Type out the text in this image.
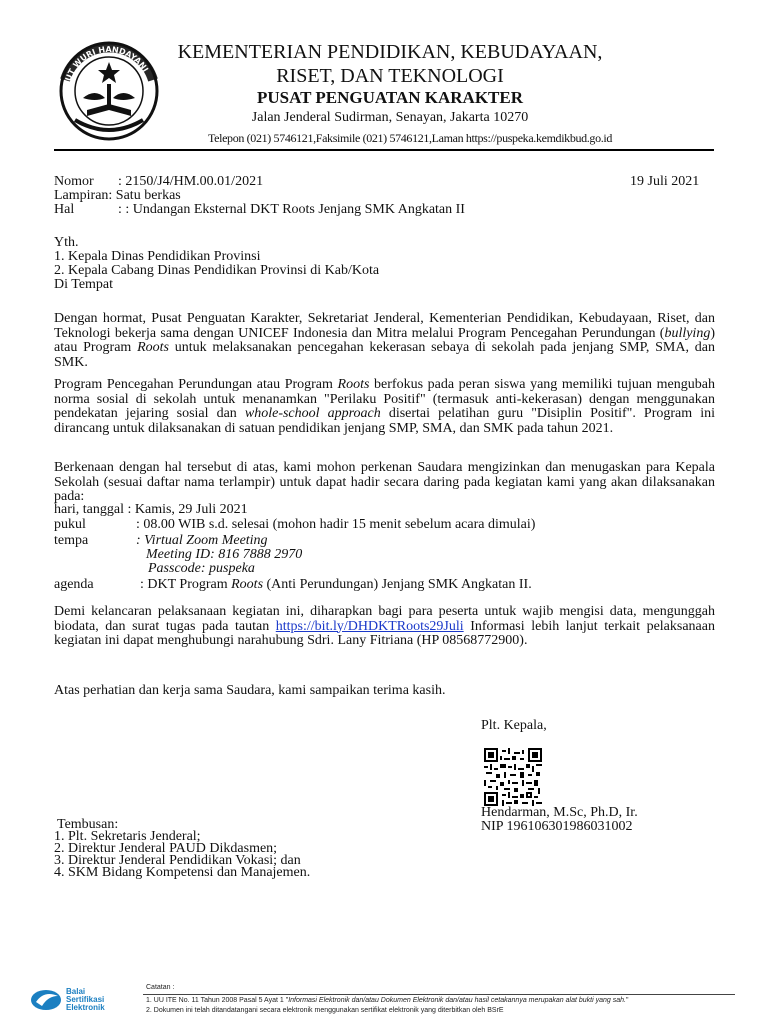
TUT WURI HANDAYANI
KEMENTERIAN PENDIDIKAN, KEBUDAYAAN,
RISET, DAN TEKNOLOGI
PUSAT PENGUATAN KARAKTER
Jalan Jenderal Sudirman, Senayan, Jakarta 10270
Telepon (021) 5746121,Faksimile (021) 5746121,Laman https://puspeka.kemdikbud.go.id
Nomor : 2150/J4/HM.00.01/2021	19 Juli 2021
Lampiran: Satu berkas
Hal	: : Undangan Eksternal DKT Roots Jenjang SMK Angkatan II
Yth.
1. Kepala Dinas Pendidikan Provinsi
2. Kepala Cabang Dinas Pendidikan Provinsi di Kab/Kota
Di Tempat
Dengan hormat, Pusat Penguatan Karakter, Sekretariat Jenderal, Kementerian Pendidikan, Kebudayaan, Riset, dan Teknologi bekerja sama dengan UNICEF Indonesia dan Mitra melalui Program Pencegahan Perundungan (bullying) atau Program Roots untuk melaksanakan pencegahan kekerasan sebaya di sekolah pada jenjang SMP, SMA, dan SMK.
Program Pencegahan Perundungan atau Program Roots berfokus pada peran siswa yang memiliki tujuan mengubah norma sosial di sekolah untuk menanamkan "Perilaku Positif" (termasuk anti-kekerasan) dengan menggunakan pendekatan jejaring sosial dan whole-school approach disertai pelatihan guru "Disiplin Positif". Program ini dirancang untuk dilaksanakan di satuan pendidikan jenjang SMP, SMA, dan SMK pada tahun 2021.
Berkenaan dengan hal tersebut di atas, kami mohon perkenan Saudara mengizinkan dan menugaskan para Kepala Sekolah (sesuai daftar nama terlampir) untuk dapat hadir secara daring pada kegiatan kami yang akan dilaksanakan pada:
hari, tanggal : Kamis, 29 Juli 2021
pukul	: 08.00 WIB s.d. selesai (mohon hadir 15 menit sebelum acara dimulai)
tempa	: Virtual Zoom Meeting
Meeting ID: 816 7888 2970
Passcode: puspeka
agenda	: DKT Program Roots (Anti Perundungan) Jenjang SMK Angkatan II.
Demi kelancaran pelaksanaan kegiatan ini, diharapkan bagi para peserta untuk wajib mengisi data, mengunggah biodata, dan surat tugas pada tautan https://bit.ly/DHDKTRoots29Juli Informasi lebih lanjut terkait pelaksanaan kegiatan ini dapat menghubungi narahubung Sdri. Lany Fitriana (HP 08568772900).
Atas perhatian dan kerja sama Saudara, kami sampaikan terima kasih.
Plt. Kepala,
Hendarman, M.Sc, Ph.D, Ir.
NIP 196106301986031002
Tembusan:
1. Plt. Sekretaris Jenderal;
2. Direktur Jenderal PAUD Dikdasmen;
3. Direktur Jenderal Pendidikan Vokasi; dan
4. SKM Bidang Kompetensi dan Manajemen.
Balai
Sertifikasi
Elektronik
Catatan :
1. UU ITE No. 11 Tahun 2008 Pasal 5 Ayat 1 "Informasi Elektronik dan/atau Dokumen Elektronik dan/atau hasil cetakannya merupakan alat bukti yang sah."
2. Dokumen ini telah ditandatangani secara elektronik menggunakan sertifikat elektronik yang diterbitkan oleh BSrE
